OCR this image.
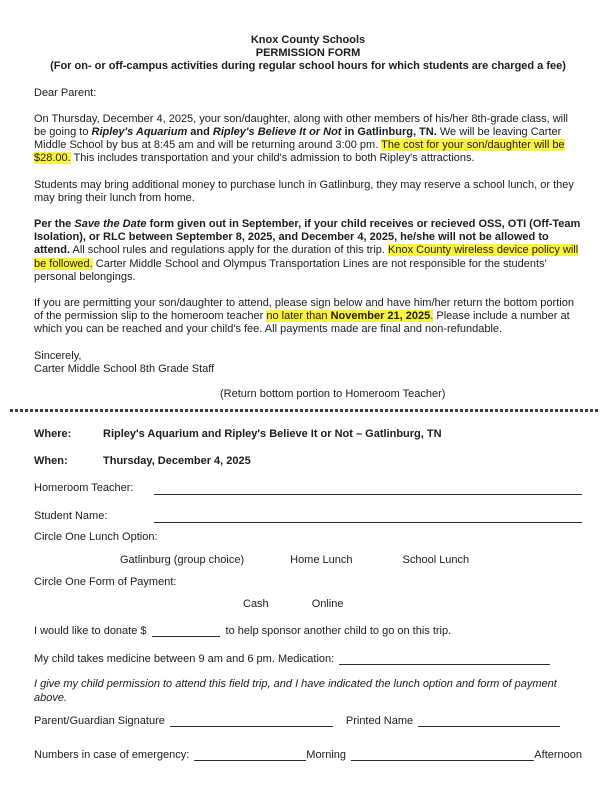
Knox County Schools
PERMISSION FORM
(For on- or off-campus activities during regular school hours for which students are charged a fee)

Dear Parent:

On Thursday, December 4, 2025, your son/daughter, along with other members of his/her 8th-grade class, will be going to Ripley's Aquarium and Ripley's Believe It or Not in Gatlinburg, TN. We will be leaving Carter Middle School by bus at 8:45 am and will be returning around 3:00 pm. The cost for your son/daughter will be $28.00. This includes transportation and your child's admission to both Ripley's attractions.

Students may bring additional money to purchase lunch in Gatlinburg, they may reserve a school lunch, or they may bring their lunch from home.

Per the Save the Date form given out in September, if your child receives or recieved OSS, OTI (Off-Team Isolation), or RLC between September 8, 2025, and December 4, 2025, he/she will not be allowed to attend. All school rules and regulations apply for the duration of this trip. Knox County wireless device policy will be followed. Carter Middle School and Olympus Transportation Lines are not responsible for the students' personal belongings.

If you are permitting your son/daughter to attend, please sign below and have him/her return the bottom portion of the permission slip to the homeroom teacher no later than November 21, 2025. Please include a number at which you can be reached and your child's fee. All payments made are final and non-refundable.

Sincerely,
Carter Middle School 8th Grade Staff
(Return bottom portion to Homeroom Teacher)
Where:	Ripley's Aquarium and Ripley's Believe It or Not – Gatlinburg, TN
When:	Thursday, December 4, 2025
Homeroom Teacher:
Student Name:
Circle One Lunch Option:
Gatlinburg (group choice)	Home Lunch	School Lunch
Circle One Form of Payment:
Cash	Online
I would like to donate $	to help sponsor another child to go on this trip.
My child takes medicine between 9 am and 6 pm. Medication:

I give my child permission to attend this field trip, and I have indicated the lunch option and form of payment above.

Parent/Guardian Signature	Printed Name
Numbers in case of emergency:	Morning	Afternoon
